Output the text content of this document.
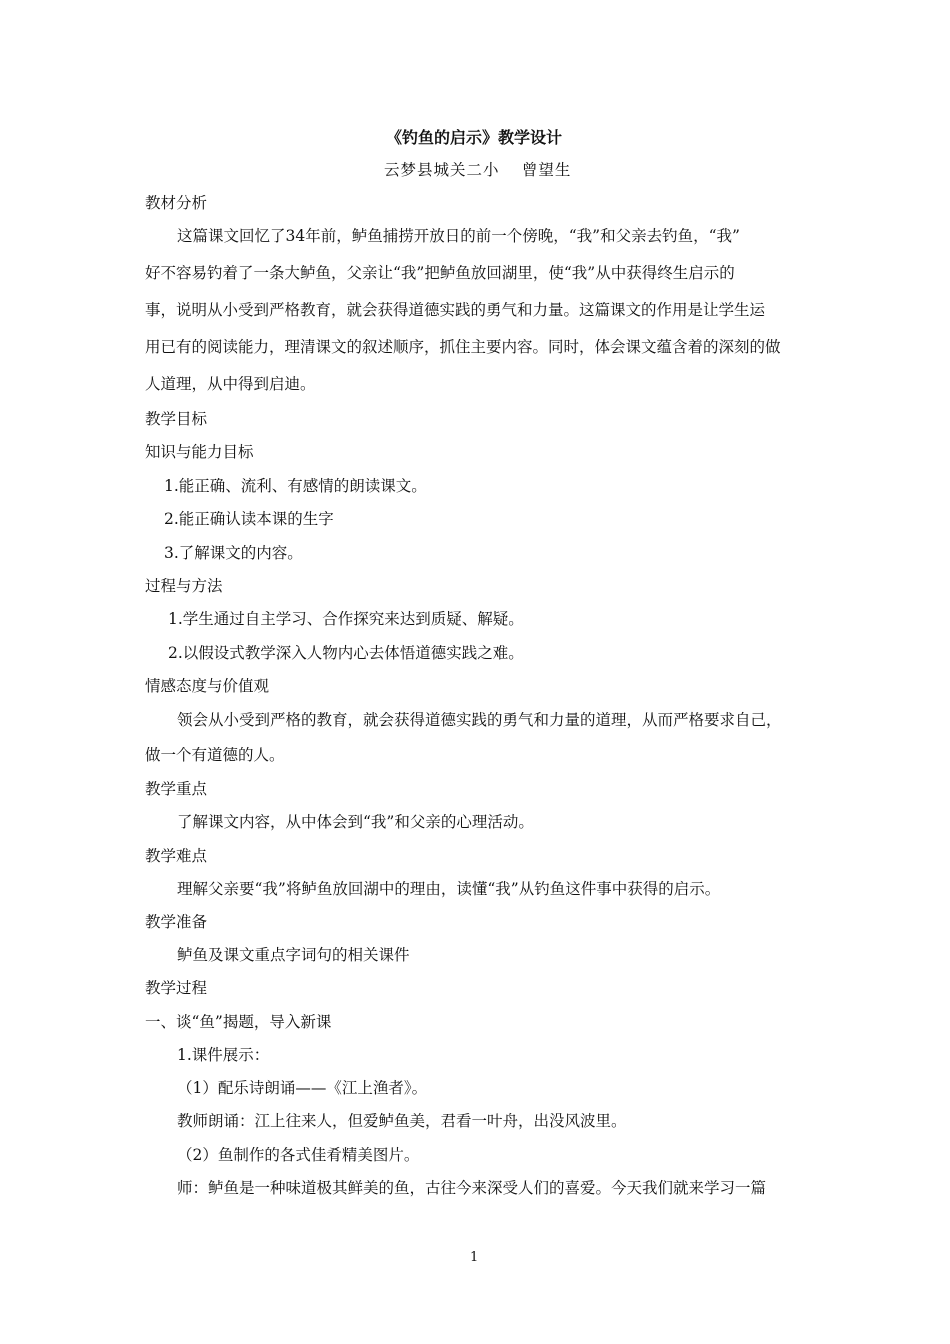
《钓鱼的启示》教学设计
云梦县城关二小　 曾望生
教材分析
这篇课文回忆了34年前，鲈鱼捕捞开放日的前一个傍晚，“我”和父亲去钓鱼，“我”
好不容易钓着了一条大鲈鱼，父亲让“我”把鲈鱼放回湖里，使“我”从中获得终生启示的
事，说明从小受到严格教育，就会获得道德实践的勇气和力量。这篇课文的作用是让学生运
用已有的阅读能力，理清课文的叙述顺序，抓住主要内容。同时，体会课文蕴含着的深刻的做
人道理，从中得到启迪。
教学目标
知识与能力目标
1.能正确、流利、有感情的朗读课文。
2.能正确认读本课的生字
3.了解课文的内容。
过程与方法
1.学生通过自主学习、合作探究来达到质疑、解疑。
2.以假设式教学深入人物内心去体悟道德实践之难。
情感态度与价值观
领会从小受到严格的教育，就会获得道德实践的勇气和力量的道理，从而严格要求自己，
做一个有道德的人。
教学重点
了解课文内容，从中体会到“我”和父亲的心理活动。
教学难点
理解父亲要“我”将鲈鱼放回湖中的理由，读懂“我”从钓鱼这件事中获得的启示。
教学准备
鲈鱼及课文重点字词句的相关课件
教学过程
一、谈“鱼”揭题，导入新课
1.课件展示：
（1）配乐诗朗诵——《江上渔者》。
教师朗诵：江上往来人，但爱鲈鱼美，君看一叶舟，出没风波里。
（2）鱼制作的各式佳肴精美图片。
师：鲈鱼是一种味道极其鲜美的鱼，古往今来深受人们的喜爱。今天我们就来学习一篇
1
